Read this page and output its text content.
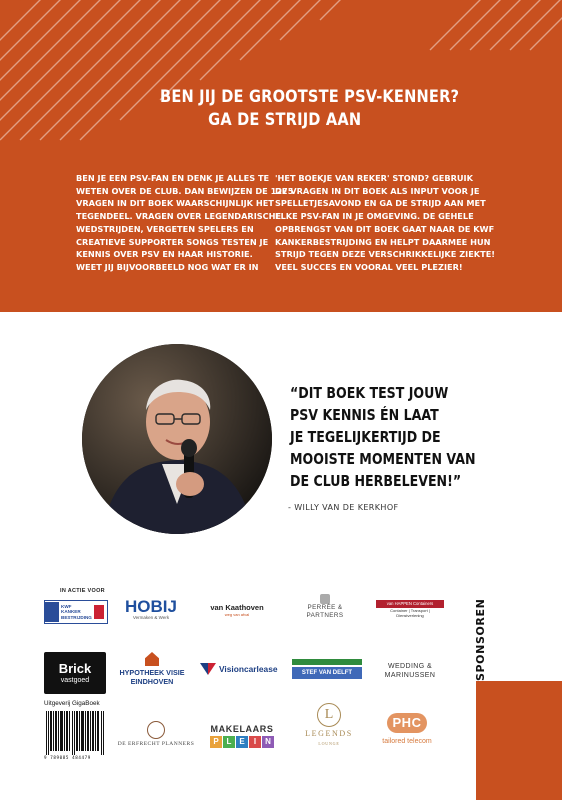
BEN JIJ DE GROOTSTE PSV-KENNER?
GA DE STRIJD AAN
BEN JE EEN PSV-FAN EN DENK JE ALLES TE
WETEN OVER DE CLUB. DAN BEWIJZEN DE 1275
VRAGEN IN DIT BOEK WAARSCHIJNLIJK HET
TEGENDEEL. VRAGEN OVER LEGENDARISCHE
WEDSTRIJDEN, VERGETEN SPELERS EN
CREATIEVE SUPPORTER SONGS TESTEN JE
KENNIS OVER PSV EN HAAR HISTORIE.
WEET JIJ BIJVOORBEELD NOG WAT ER IN
'HET BOEKJE VAN REKER' STOND? GEBRUIK
DE VRAGEN IN DIT BOEK ALS INPUT VOOR JE
SPELLETJESAVOND EN GA DE STRIJD AAN MET
ELKE PSV-FAN IN JE OMGEVING. DE GEHELE
OPBRENGST VAN DIT BOEK GAAT NAAR DE KWF
KANKERBESTRIJDING EN HELPT DAARMEE HUN
STRIJD TEGEN DEZE VERSCHRIKKELIJKE ZIEKTE!
VEEL SUCCES EN VOORAL VEEL PLEZIER!
“DIT BOEK TEST JOUW
PSV KENNIS ÉN LAAT
JE TEGELIJKERTIJD DE
MOOISTE MOMENTEN VAN
DE CLUB HERBELEVEN!”
- WILLY VAN DE KERKHOF
SPONSOREN
IN ACTIE VOOR
KWF
KANKER
BESTRIJDING
HOBIJ
Vermaken & Werk
van Kaathoven
weg van afval
PERRÉE & PARTNERS
van HAPPEN Containers
Container | Transport | Dienstverlening
Brick
vastgoed
HYPOTHEEK VISIE
EINDHOVEN
Visioncarlease	STEF VAN DELFT
WEDDING &
MARINUSSEN
Uitgeverij GigaBoek
9 789085 484479
DE ERFRECHT PLANNERS
MAKELAARS
P L E	I	N
L
LEGENDS
LOUNGE
PHC
tailored telecom
